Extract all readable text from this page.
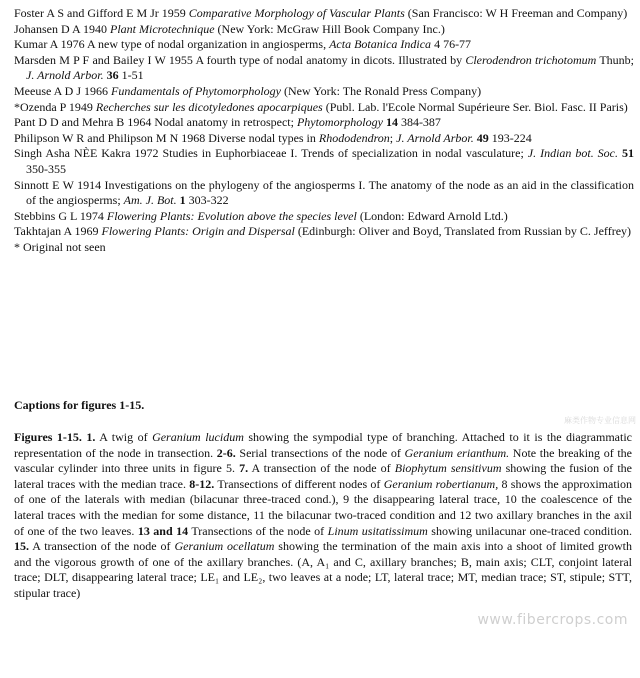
Foster A S and Gifford E M Jr 1959 Comparative Morphology of Vascular Plants (San Francisco: W H Freeman and Company)

Johansen D A 1940 Plant Microtechnique (New York: McGraw Hill Book Company Inc.)

Kumar A 1976 A new type of nodal organization in angiosperms, Acta Botanica Indica 4 76-77

Marsden M P F and Bailey I W 1955 A fourth type of nodal anatomy in dicots. Illustrated by Clerodendron trichotomum Thunb; J. Arnold Arbor. 36 1-51

Meeuse A D J 1966 Fundamentals of Phytomorphology (New York: The Ronald Press Company)

*Ozenda P 1949 Recherches sur les dicotyledones apocarpiques (Publ. Lab. l'Ecole Normal Supérieure Ser. Biol. Fasc. II Paris)

Pant D D and Mehra B 1964 Nodal anatomy in retrospect; Phytomorphology 14 384-387

Philipson W R and Philipson M N 1968 Diverse nodal types in Rhododendron; J. Arnold Arbor. 49 193-224

Singh Asha NÈE Kakra 1972 Studies in Euphorbiaceae I. Trends of specialization in nodal vasculature; J. Indian bot. Soc. 51 350-355

Sinnott E W 1914 Investigations on the phylogeny of the angiosperms I. The anatomy of the node as an aid in the classification of the angiosperms; Am. J. Bot. 1 303-322

Stebbins G L 1974 Flowering Plants: Evolution above the species level (London: Edward Arnold Ltd.)

Takhtajan A 1969 Flowering Plants: Origin and Dispersal (Edinburgh: Oliver and Boyd, Translated from Russian by C. Jeffrey)

* Original not seen

Captions for figures 1-15.
Figures 1-15. 1. A twig of Geranium lucidum showing the sympodial type of branching. Attached to it is the diagrammatic representation of the node in transection. 2-6. Serial transections of the node of Geranium erianthum. Note the breaking of the vascular cylinder into three units in figure 5. 7. A transection of the node of Biophytum sensitivum showing the fusion of the lateral traces with the median trace. 8-12. Transections of different nodes of Geranium robertianum, 8 shows the approximation of one of the laterals with median (bilacunar three-traced cond.), 9 the disappearing lateral trace, 10 the coalescence of the lateral traces with the median for some distance, 11 the bilacunar two-traced condition and 12 two axillary branches in the axil of one of the two leaves. 13 and 14 Transections of the node of Linum usitatissimum showing unilacunar one-traced condition. 15. A transection of the node of Geranium ocellatum showing the termination of the main axis into a shoot of limited growth and the vigorous growth of one of the axillary branches. (A, A₁ and C, axillary branches; B, main axis; CLT, conjoint lateral trace; DLT, disappearing lateral trace; LE₁ and LE₂, two leaves at a node; LT, lateral trace; MT, median trace; ST, stipule; STT, stipular trace)
麻类作物专业信息网
www.fibercrops.com
